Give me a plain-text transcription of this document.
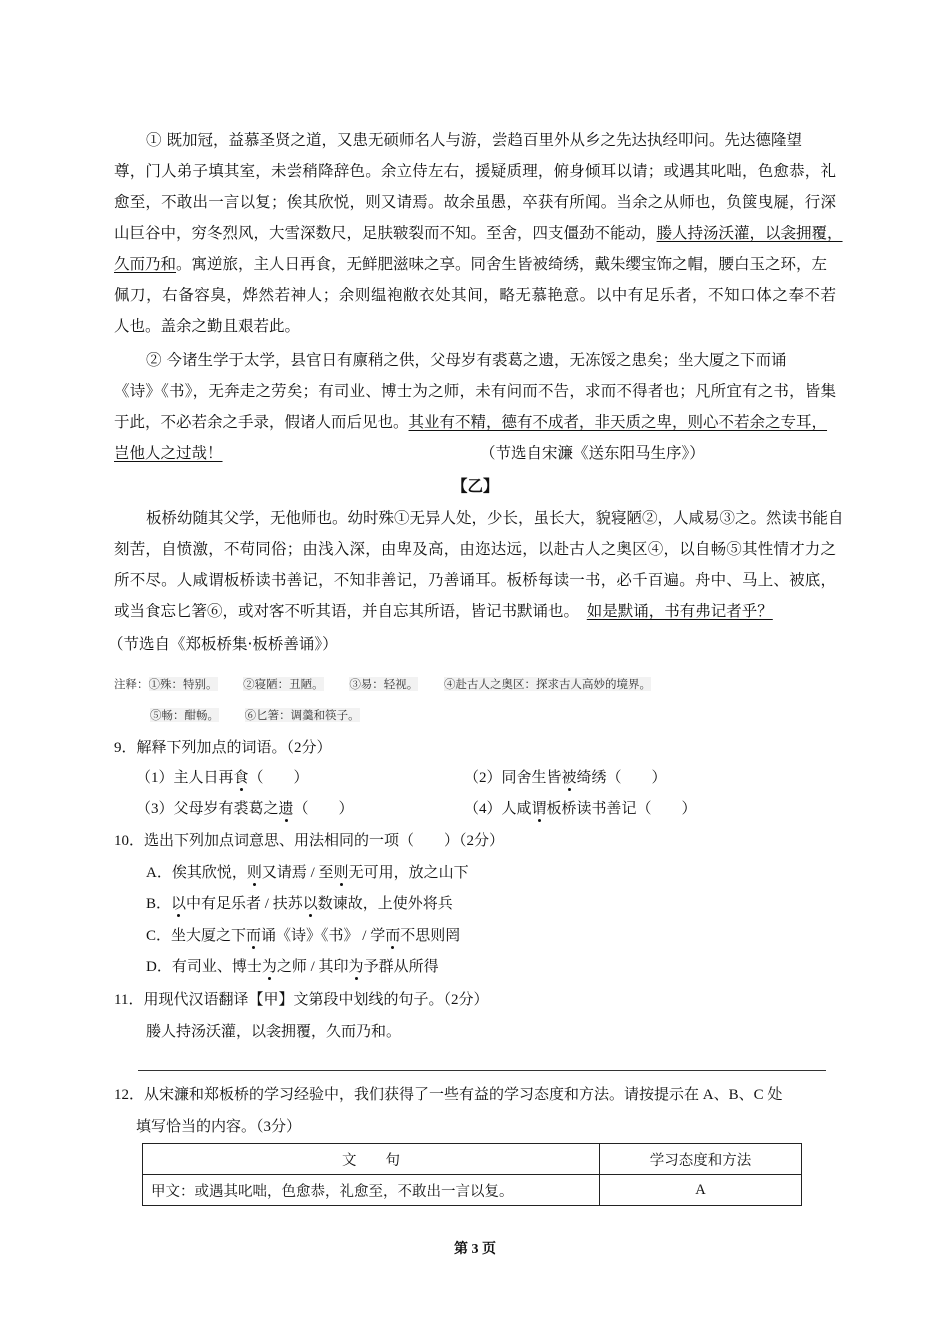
① 既加冠，益慕圣贤之道，又患无硕师名人与游，尝趋百里外从乡之先达执经叩问。先达德隆望
尊，门人弟子填其室，未尝稍降辞色。余立侍左右，援疑质理，俯身倾耳以请；或遇其叱咄，色愈恭，礼
愈至，不敢出一言以复；俟其欣悦，则又请焉。故余虽愚，卒获有所闻。当余之从师也，负箧曳屣，行深
山巨谷中，穷冬烈风，大雪深数尺，足肤皲裂而不知。至舍，四支僵劲不能动，媵人持汤沃灌，以衾拥覆，
久而乃和。寓逆旅，主人日再食，无鲜肥滋味之享。同舍生皆被绮绣，戴朱缨宝饰之帽，腰白玉之环，左
佩刀，右备容臭，烨然若神人；余则缊袍敝衣处其间，略无慕艳意。以中有足乐者，不知口体之奉不若
人也。盖余之勤且艰若此。
② 今诸生学于太学，县官日有廪稍之供，父母岁有裘葛之遗，无冻馁之患矣；坐大厦之下而诵
《诗》《书》，无奔走之劳矣；有司业、博士为之师，未有问而不告，求而不得者也；凡所宜有之书，皆集
于此，不必若余之手录，假诸人而后见也。其业有不精，德有不成者，非天质之卑，则心不若余之专耳，
岂他人之过哉！	（节选自宋濂《送东阳马生序》）
【乙】
板桥幼随其父学，无他师也。幼时殊①无异人处，少长，虽长大，貌寝陋②，人咸易③之。然读书能自
刻苦，自愤激，不苟同俗；由浅入深，由卑及高，由迩达远，以赴古人之奥区④，以自畅⑤其性情才力之
所不尽。人咸谓板桥读书善记，不知非善记，乃善诵耳。板桥每读一书，必千百遍。舟中、马上、被底，
或当食忘匕箸⑥，或对客不听其语，并自忘其所语，皆记书默诵也。　 如是默诵，书有弗记者乎？
（节选自《郑板桥集·板桥善诵》）
注释：①殊：特别。 ②寝陋：丑陋。 ③易：轻视。 ④赴古人之奥区：探求古人高妙的境界。
⑤畅：酣畅。 ⑥匕箸：调羹和筷子。
9．解释下列加点的词语。（2分）
（1）主人日再食（　　）	（2）同舍生皆被绮绣（　　）
（3）父母岁有裘葛之遗（　　）	（4）人咸谓板桥读书善记（　　）
10．选出下列加点词意思、用法相同的一项（　　）（2分）
A．俟其欣悦，则又请焉 / 至则无可用，放之山下
B．以中有足乐者 / 扶苏以数谏故，上使外将兵
C．坐大厦之下而诵《诗》《书》 / 学而不思则罔
D．有司业、博士为之师 / 其印为予群从所得
11．用现代汉语翻译【甲】文第段中划线的句子。（2分）
媵人持汤沃灌，以衾拥覆，久而乃和。
12．从宋濂和郑板桥的学习经验中，我们获得了一些有益的学习态度和方法。请按提示在 A、B、C 处
填写恰当的内容。（3分）
文　　句	学习态度和方法
甲文：或遇其叱咄，色愈恭，礼愈至，不敢出一言以复。	A
第 3 页
